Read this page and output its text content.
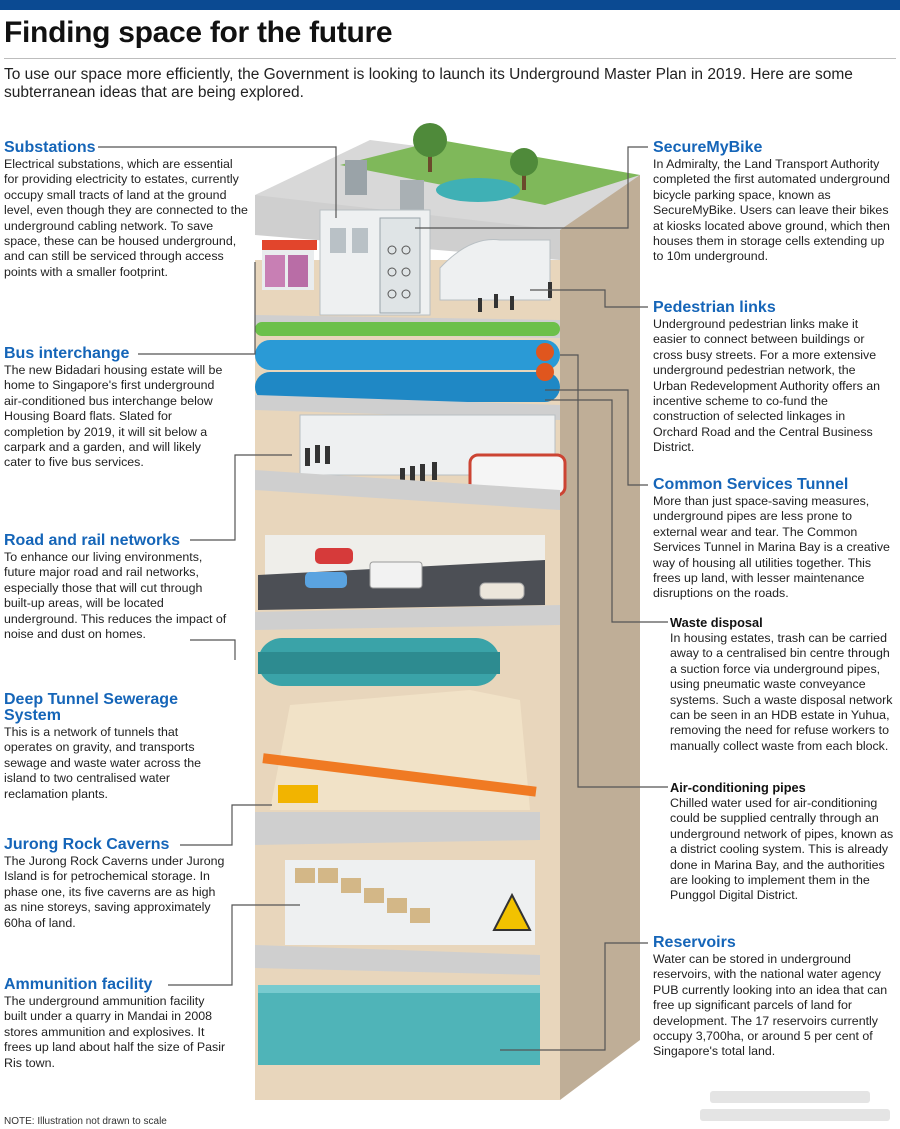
Finding space for the future
To use our space more efficiently, the Government is looking to launch its Underground Master Plan in 2019. Here are some subterranean ideas that are being explored.
Substations

Electrical substations, which are essential for providing electricity to estates, currently occupy small tracts of land at the ground level, even though they are connected to the underground cabling network. To save space, these can be housed underground, and can still be serviced through access points with a smaller footprint.

Bus interchange

The new Bidadari housing estate will be home to Singapore's first underground air-conditioned bus interchange below Housing Board flats. Slated for completion by 2019, it will sit below a carpark and a garden, and will likely cater to five bus services.

Road and rail networks

To enhance our living environments, future major road and rail networks, especially those that will cut through built-up areas, will be located underground. This reduces the impact of noise and dust on homes.

Deep Tunnel Sewerage System

This is a network of tunnels that operates on gravity, and transports sewage and waste water across the island to two centralised water reclamation plants.

Jurong Rock Caverns

The Jurong Rock Caverns under Jurong Island is for petrochemical storage. In phase one, its five caverns are as high as nine storeys, saving approximately 60ha of land.

Ammunition facility

The underground ammunition facility built under a quarry in Mandai in 2008 stores ammunition and explosives. It frees up land about half the size of Pasir Ris town.

SecureMyBike

In Admiralty, the Land Transport Authority completed the first automated underground bicycle parking space, known as SecureMyBike. Users can leave their bikes at kiosks located above ground, which then houses them in storage cells extending up to 10m underground.

Pedestrian links

Underground pedestrian links make it easier to connect between buildings or cross busy streets. For a more extensive underground pedestrian network, the Urban Redevelopment Authority offers an incentive scheme to co-fund the construction of selected linkages in Orchard Road and the Central Business District.

Common Services Tunnel

More than just space-saving measures, underground pipes are less prone to external wear and tear. The Common Services Tunnel in Marina Bay is a creative way of housing all utilities together. This frees up land, with lesser maintenance disruptions on the roads.

Waste disposal

In housing estates, trash can be carried away to a centralised bin centre through a suction force via underground pipes, using pneumatic waste conveyance systems. Such a waste disposal network can be seen in an HDB estate in Yuhua, removing the need for refuse workers to manually collect waste from each block.

Air-conditioning pipes

Chilled water used for air-conditioning could be supplied centrally through an underground network of pipes, known as a district cooling system. This is already done in Marina Bay, and the authorities are looking to implement them in the Punggol Digital District.

Reservoirs

Water can be stored in underground reservoirs, with the national water agency PUB currently looking into an idea that can free up significant parcels of land for development. The 17 reservoirs currently occupy 3,700ha, or around 5 per cent of Singapore's total land.

NOTE: Illustration not drawn to scale
